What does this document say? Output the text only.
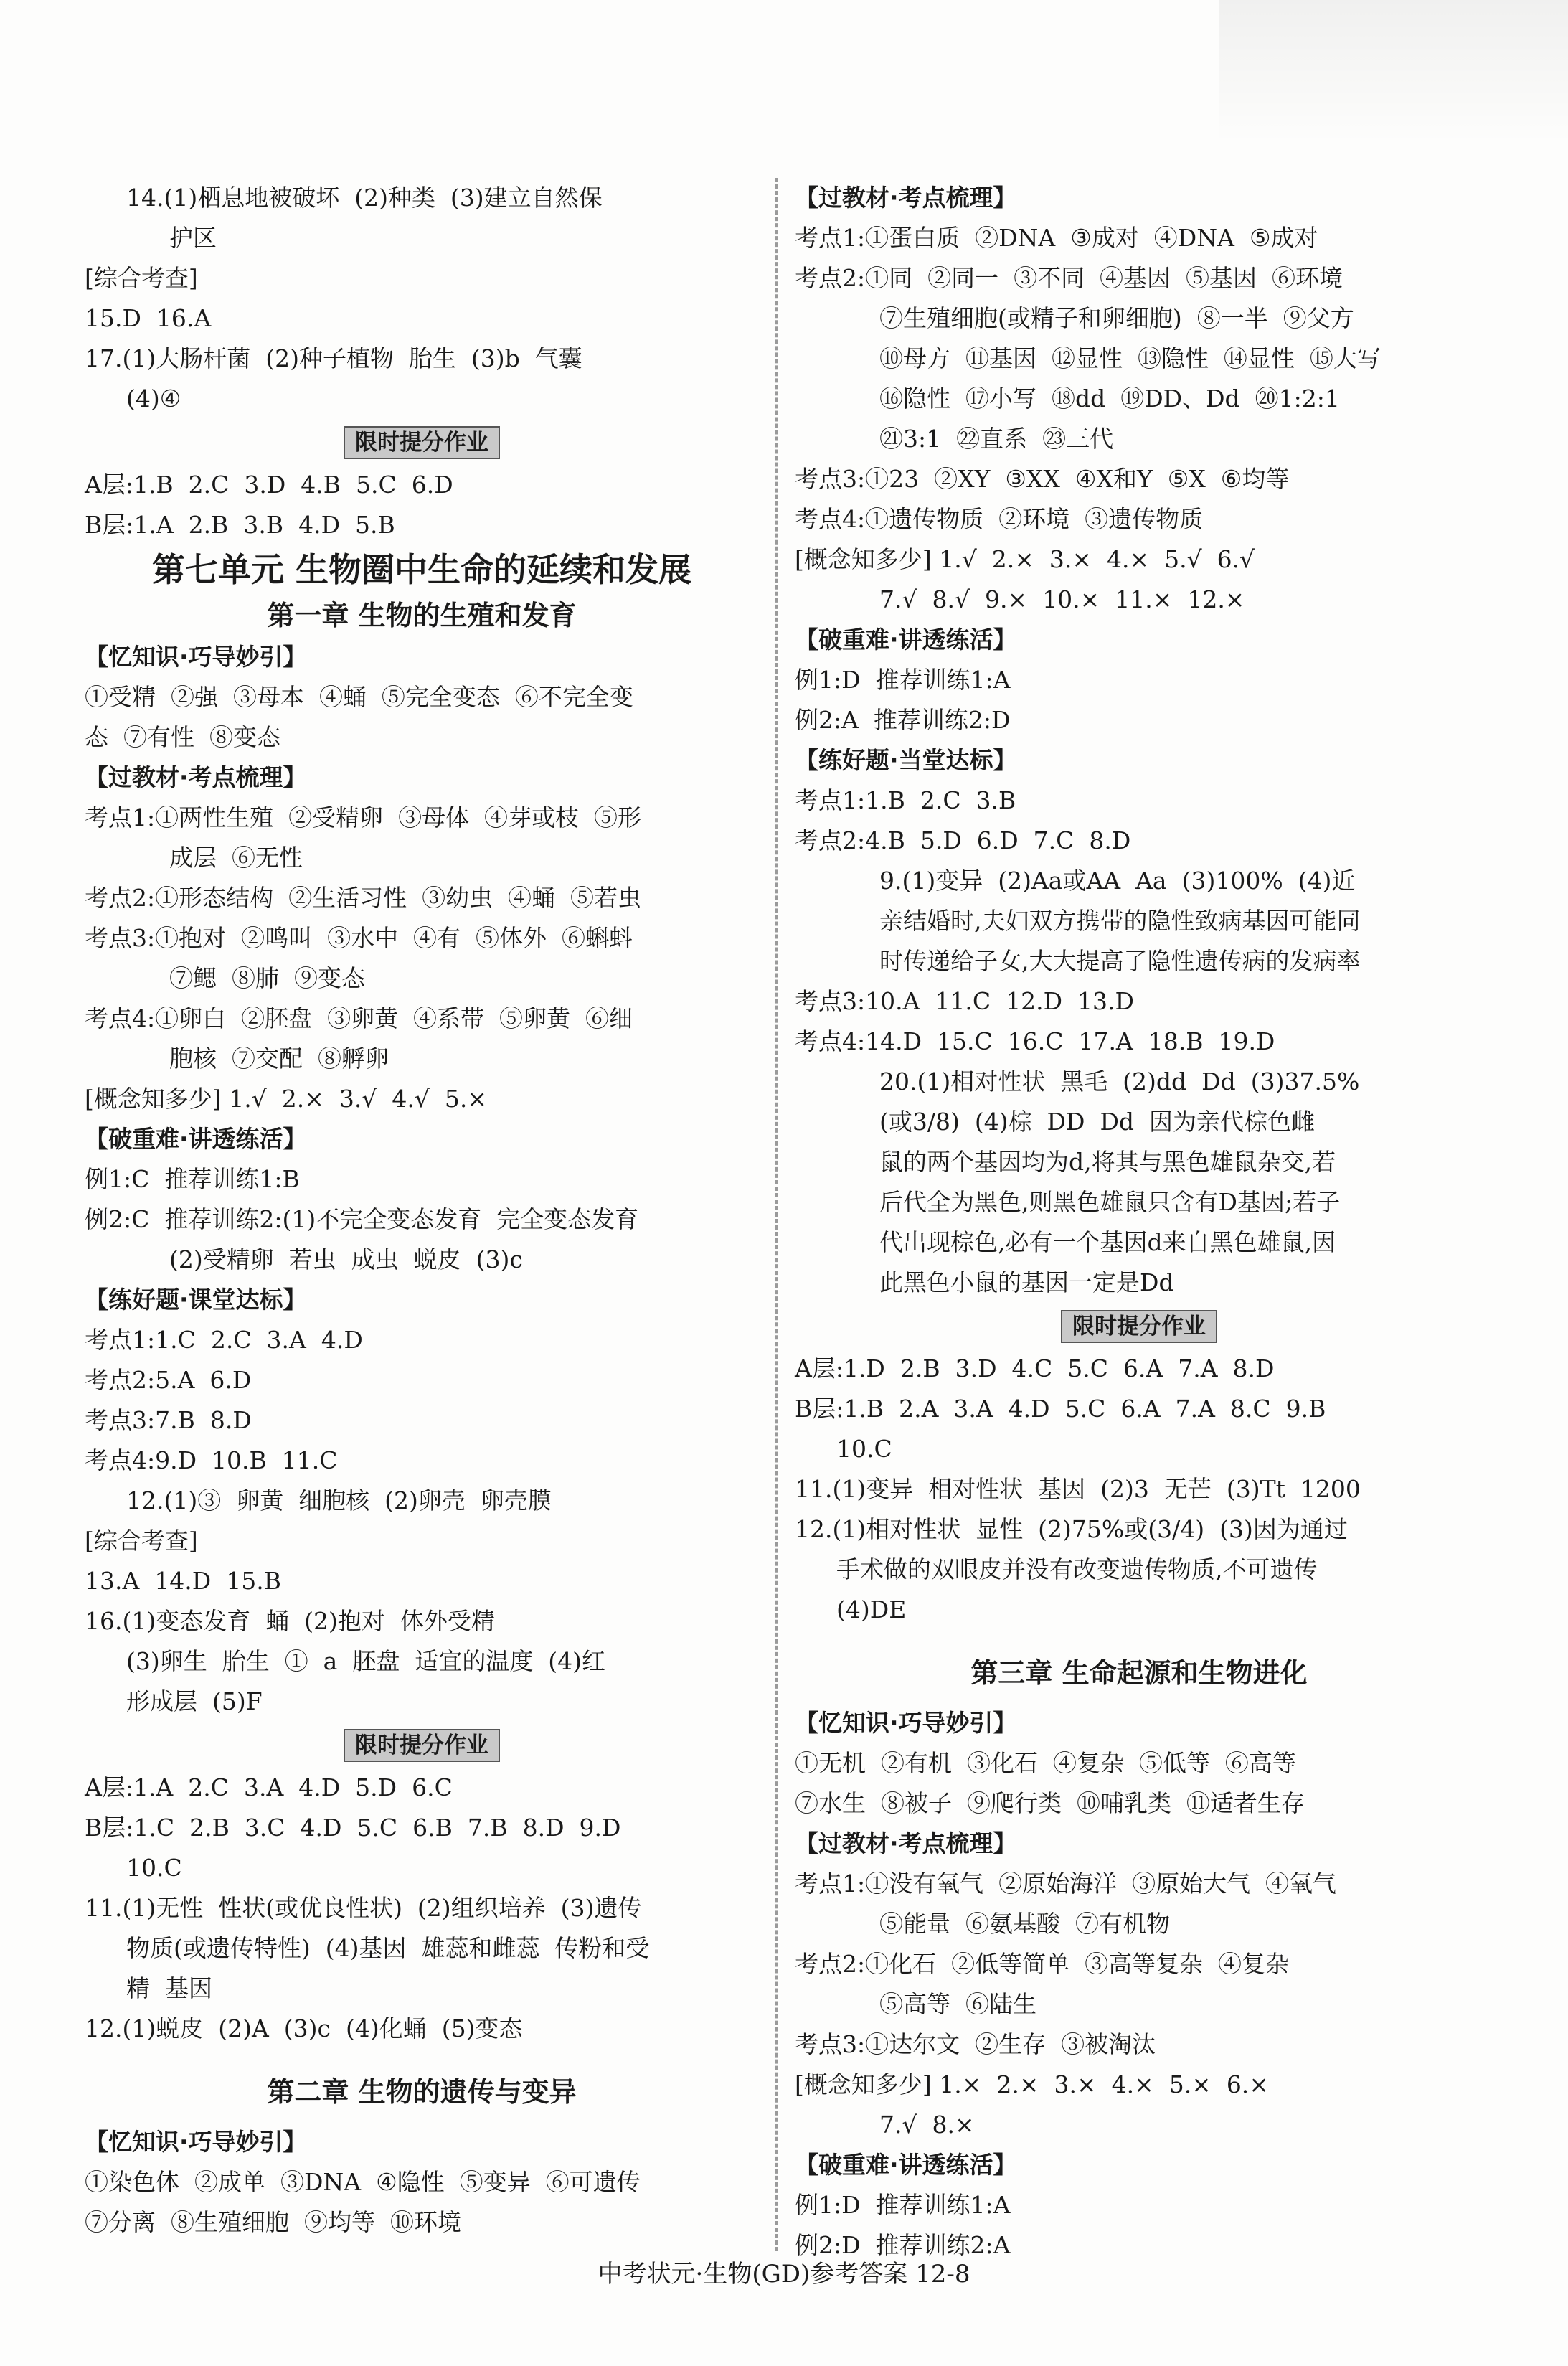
14.(1)栖息地被破坏  (2)种类  (3)建立自然保
护区
[综合考查]
15.D  16.A
17.(1)大肠杆菌  (2)种子植物  胎生  (3)b  气囊
(4)④
限时提分作业
A层:1.B  2.C  3.D  4.B  5.C  6.D
B层:1.A  2.B  3.B  4.D  5.B
第七单元 生物圈中生命的延续和发展
第一章 生物的生殖和发育
【忆知识·巧导妙引】
①受精  ②强  ③母本  ④蛹  ⑤完全变态  ⑥不完全变
态  ⑦有性  ⑧变态
【过教材·考点梳理】
考点1:①两性生殖  ②受精卵  ③母体  ④芽或枝  ⑤形
成层  ⑥无性
考点2:①形态结构  ②生活习性  ③幼虫  ④蛹  ⑤若虫
考点3:①抱对  ②鸣叫  ③水中  ④有  ⑤体外  ⑥蝌蚪
⑦鳃  ⑧肺  ⑨变态
考点4:①卵白  ②胚盘  ③卵黄  ④系带  ⑤卵黄  ⑥细
胞核  ⑦交配  ⑧孵卵
[概念知多少] 1.√  2.×  3.√  4.√  5.×
【破重难·讲透练活】
例1:C  推荐训练1:B
例2:C  推荐训练2:(1)不完全变态发育  完全变态发育
(2)受精卵  若虫  成虫  蜕皮  (3)c
【练好题·课堂达标】
考点1:1.C  2.C  3.A  4.D
考点2:5.A  6.D
考点3:7.B  8.D
考点4:9.D  10.B  11.C
12.(1)③  卵黄  细胞核  (2)卵壳  卵壳膜
[综合考查]
13.A  14.D  15.B
16.(1)变态发育  蛹  (2)抱对  体外受精
(3)卵生  胎生  ①  a  胚盘  适宜的温度  (4)红
形成层  (5)F
限时提分作业
A层:1.A  2.C  3.A  4.D  5.D  6.C
B层:1.C  2.B  3.C  4.D  5.C  6.B  7.B  8.D  9.D
10.C
11.(1)无性  性状(或优良性状)  (2)组织培养  (3)遗传
物质(或遗传特性)  (4)基因  雄蕊和雌蕊  传粉和受
精  基因
12.(1)蜕皮  (2)A  (3)c  (4)化蛹  (5)变态
第二章 生物的遗传与变异
【忆知识·巧导妙引】
①染色体  ②成单  ③DNA  ④隐性  ⑤变异  ⑥可遗传
⑦分离  ⑧生殖细胞  ⑨均等  ⑩环境
【过教材·考点梳理】
考点1:①蛋白质  ②DNA  ③成对  ④DNA  ⑤成对
考点2:①同  ②同一  ③不同  ④基因  ⑤基因  ⑥环境
⑦生殖细胞(或精子和卵细胞)  ⑧一半  ⑨父方
⑩母方  ⑪基因  ⑫显性  ⑬隐性  ⑭显性  ⑮大写
⑯隐性  ⑰小写  ⑱dd  ⑲DD、Dd  ⑳1:2:1
㉑3:1  ㉒直系  ㉓三代
考点3:①23  ②XY  ③XX  ④X和Y  ⑤X  ⑥均等
考点4:①遗传物质  ②环境  ③遗传物质
[概念知多少] 1.√  2.×  3.×  4.×  5.√  6.√
7.√  8.√  9.×  10.×  11.×  12.×
【破重难·讲透练活】
例1:D  推荐训练1:A
例2:A  推荐训练2:D
【练好题·当堂达标】
考点1:1.B  2.C  3.B
考点2:4.B  5.D  6.D  7.C  8.D
9.(1)变异  (2)Aa或AA  Aa  (3)100%  (4)近
亲结婚时,夫妇双方携带的隐性致病基因可能同
时传递给子女,大大提高了隐性遗传病的发病率
考点3:10.A  11.C  12.D  13.D
考点4:14.D  15.C  16.C  17.A  18.B  19.D
20.(1)相对性状  黑毛  (2)dd  Dd  (3)37.5%
(或3/8)  (4)棕  DD  Dd  因为亲代棕色雌
鼠的两个基因均为d,将其与黑色雄鼠杂交,若
后代全为黑色,则黑色雄鼠只含有D基因;若子
代出现棕色,必有一个基因d来自黑色雄鼠,因
此黑色小鼠的基因一定是Dd
限时提分作业
A层:1.D  2.B  3.D  4.C  5.C  6.A  7.A  8.D
B层:1.B  2.A  3.A  4.D  5.C  6.A  7.A  8.C  9.B
10.C
11.(1)变异  相对性状  基因  (2)3  无芒  (3)Tt  1200
12.(1)相对性状  显性  (2)75%或(3/4)  (3)因为通过
手术做的双眼皮并没有改变遗传物质,不可遗传
(4)DE
第三章 生命起源和生物进化
【忆知识·巧导妙引】
①无机  ②有机  ③化石  ④复杂  ⑤低等  ⑥高等
⑦水生  ⑧被子  ⑨爬行类  ⑩哺乳类  ⑪适者生存
【过教材·考点梳理】
考点1:①没有氧气  ②原始海洋  ③原始大气  ④氧气
⑤能量  ⑥氨基酸  ⑦有机物
考点2:①化石  ②低等简单  ③高等复杂  ④复杂
⑤高等  ⑥陆生
考点3:①达尔文  ②生存  ③被淘汰
[概念知多少] 1.×  2.×  3.×  4.×  5.×  6.×
7.√  8.×
【破重难·讲透练活】
例1:D  推荐训练1:A
例2:D  推荐训练2:A
中考状元·生物(GD)参考答案 12-8
